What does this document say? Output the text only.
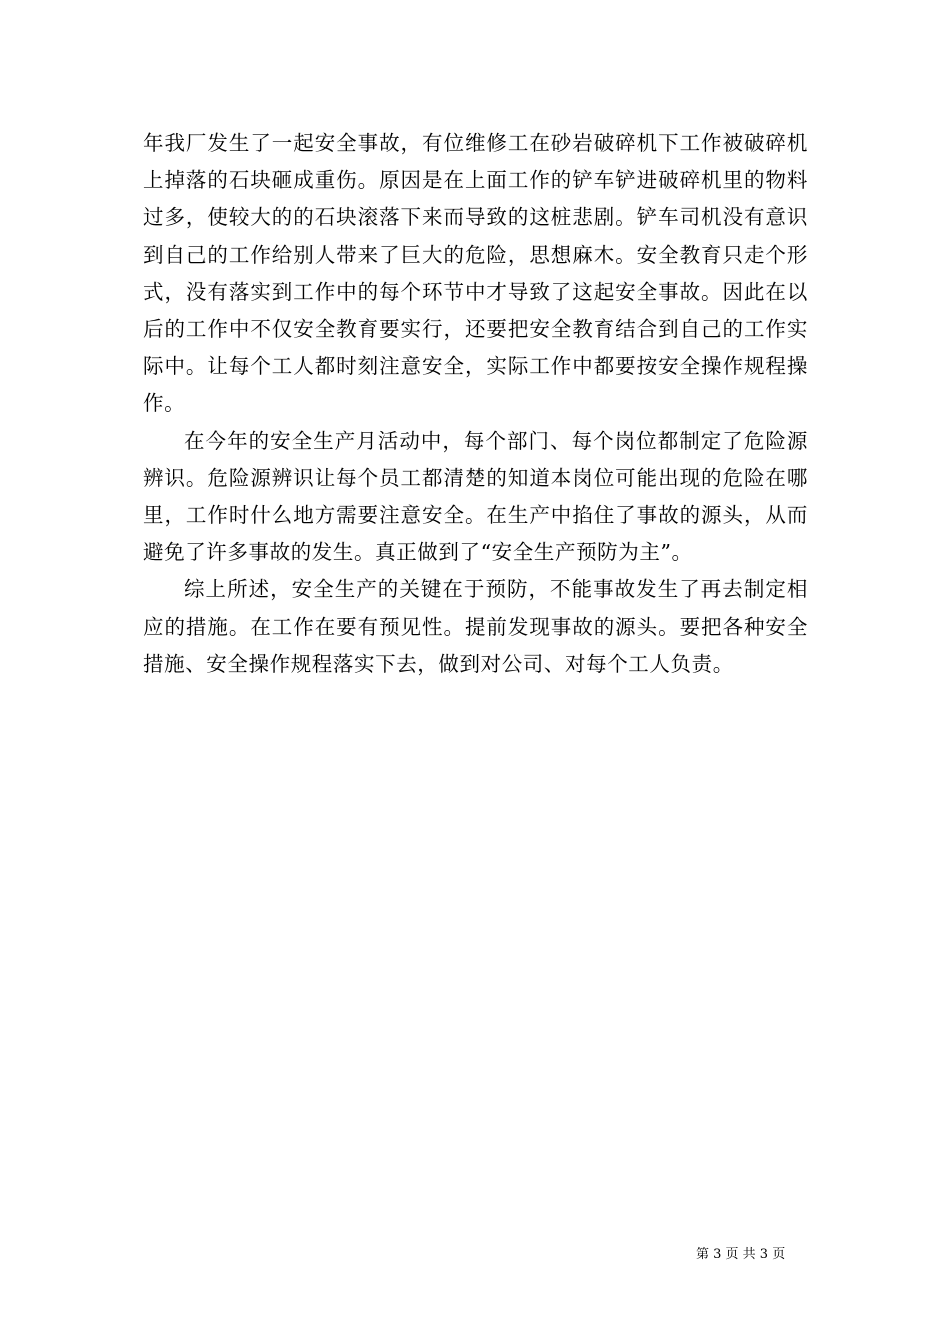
年我厂发生了一起安全事故，有位维修工在砂岩破碎机下工作被破碎机上掉落的石块砸成重伤。原因是在上面工作的铲车铲进破碎机里的物料过多，使较大的的石块滚落下来而导致的这桩悲剧。铲车司机没有意识到自己的工作给别人带来了巨大的危险，思想麻木。安全教育只走个形式，没有落实到工作中的每个环节中才导致了这起安全事故。因此在以后的工作中不仅安全教育要实行，还要把安全教育结合到自己的工作实际中。让每个工人都时刻注意安全，实际工作中都要按安全操作规程操作。

在今年的安全生产月活动中，每个部门、每个岗位都制定了危险源辨识。危险源辨识让每个员工都清楚的知道本岗位可能出现的危险在哪里，工作时什么地方需要注意安全。在生产中掐住了事故的源头，从而避免了许多事故的发生。真正做到了“安全生产预防为主”。

综上所述，安全生产的关键在于预防，不能事故发生了再去制定相应的措施。在工作在要有预见性。提前发现事故的源头。要把各种安全措施、安全操作规程落实下去，做到对公司、对每个工人负责。

第 3 页 共 3 页
